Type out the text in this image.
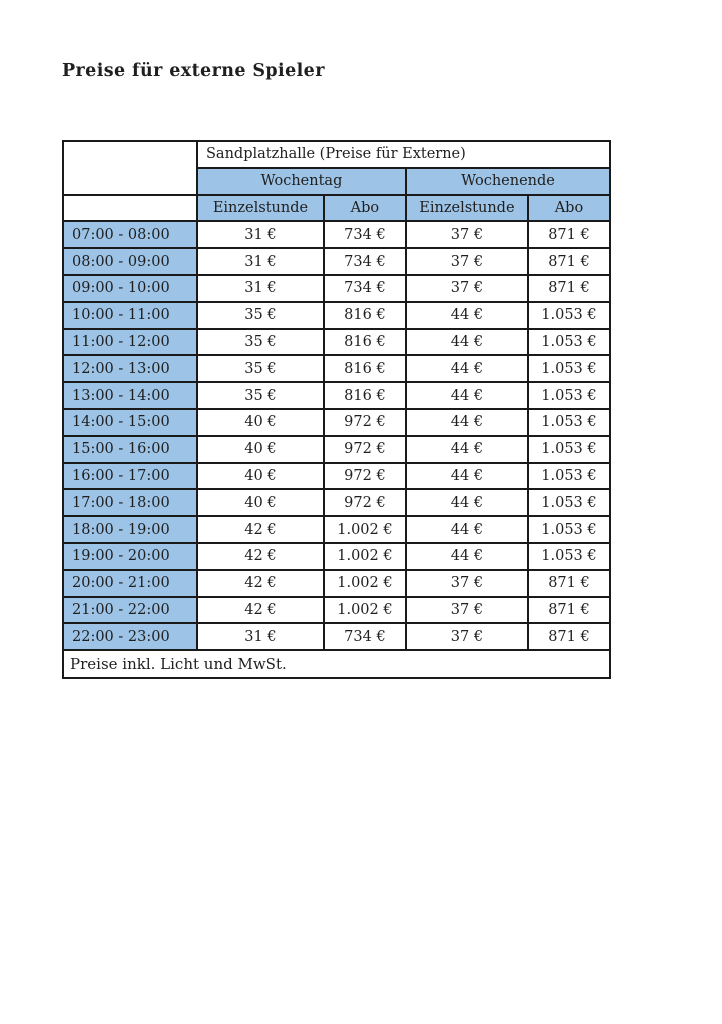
Preise für externe Spieler
	Sandplatzhalle (Preise für Externe)			
	Wochentag		Wochenende	
	Einzelstunde	Abo	Einzelstunde	Abo
07:00 - 08:00	31 €	734 €	37 €	871 €
08:00 - 09:00	31 €	734 €	37 €	871 €
09:00 - 10:00	31 €	734 €	37 €	871 €
10:00 - 11:00	35 €	816 €	44 €	1.053 €
11:00 - 12:00	35 €	816 €	44 €	1.053 €
12:00 - 13:00	35 €	816 €	44 €	1.053 €
13:00 - 14:00	35 €	816 €	44 €	1.053 €
14:00 - 15:00	40 €	972 €	44 €	1.053 €
15:00 - 16:00	40 €	972 €	44 €	1.053 €
16:00 - 17:00	40 €	972 €	44 €	1.053 €
17:00 - 18:00	40 €	972 €	44 €	1.053 €
18:00 - 19:00	42 €	1.002 €	44 €	1.053 €
19:00 - 20:00	42 €	1.002 €	44 €	1.053 €
20:00 - 21:00	42 €	1.002 €	37 €	871 €
21:00 - 22:00	42 €	1.002 €	37 €	871 €
22:00 - 23:00	31 €	734 €	37 €	871 €
Preise inkl. Licht und MwSt.				
